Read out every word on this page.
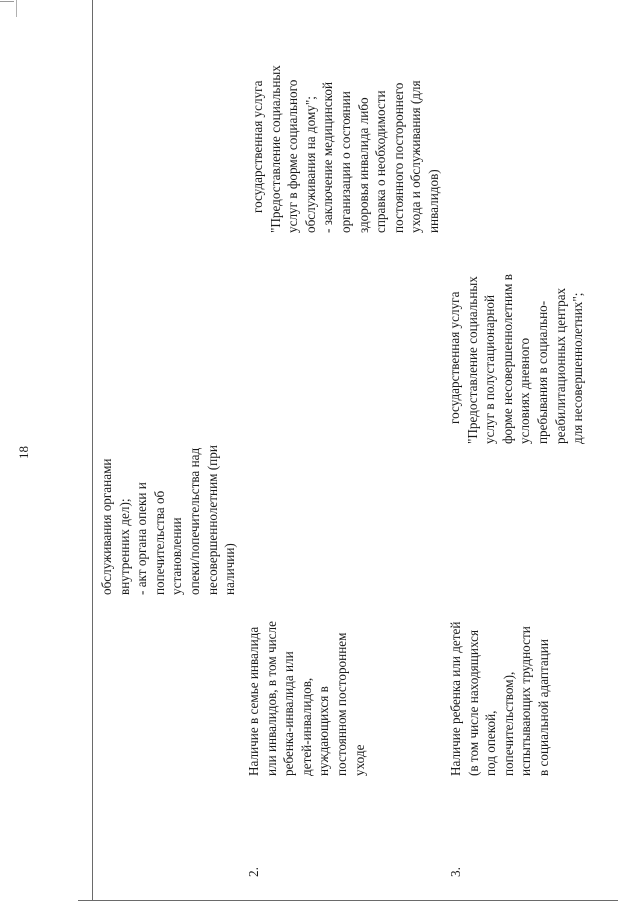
18
обслуживания органами
внутренних дел);
- акт органа опеки и
попечительства об
установлении
опеки/попечительства над
несовершеннолетним (при
наличии)
2.
Наличие в семье инвалида
или инвалидов, в том числе
ребенка-инвалида или
детей-инвалидов,
нуждающихся в
постоянном постороннем
уходе
государственная услуга
"Предоставление социальных
услуг в форме социального
обслуживания на дому";
- заключение медицинской
организации о состоянии
здоровья инвалида либо
справка о необходимости
постоянного постороннего
ухода и обслуживания (для
инвалидов)
3.
Наличие ребенка или детей
(в том числе находящихся
под опекой,
попечительством),
испытывающих трудности
в социальной адаптации
государственная услуга
"Предоставление социальных
услуг в полустационарной
форме несовершеннолетним в
условиях дневного
пребывания в социально-
реабилитационных центрах
для несовершеннолетних";
